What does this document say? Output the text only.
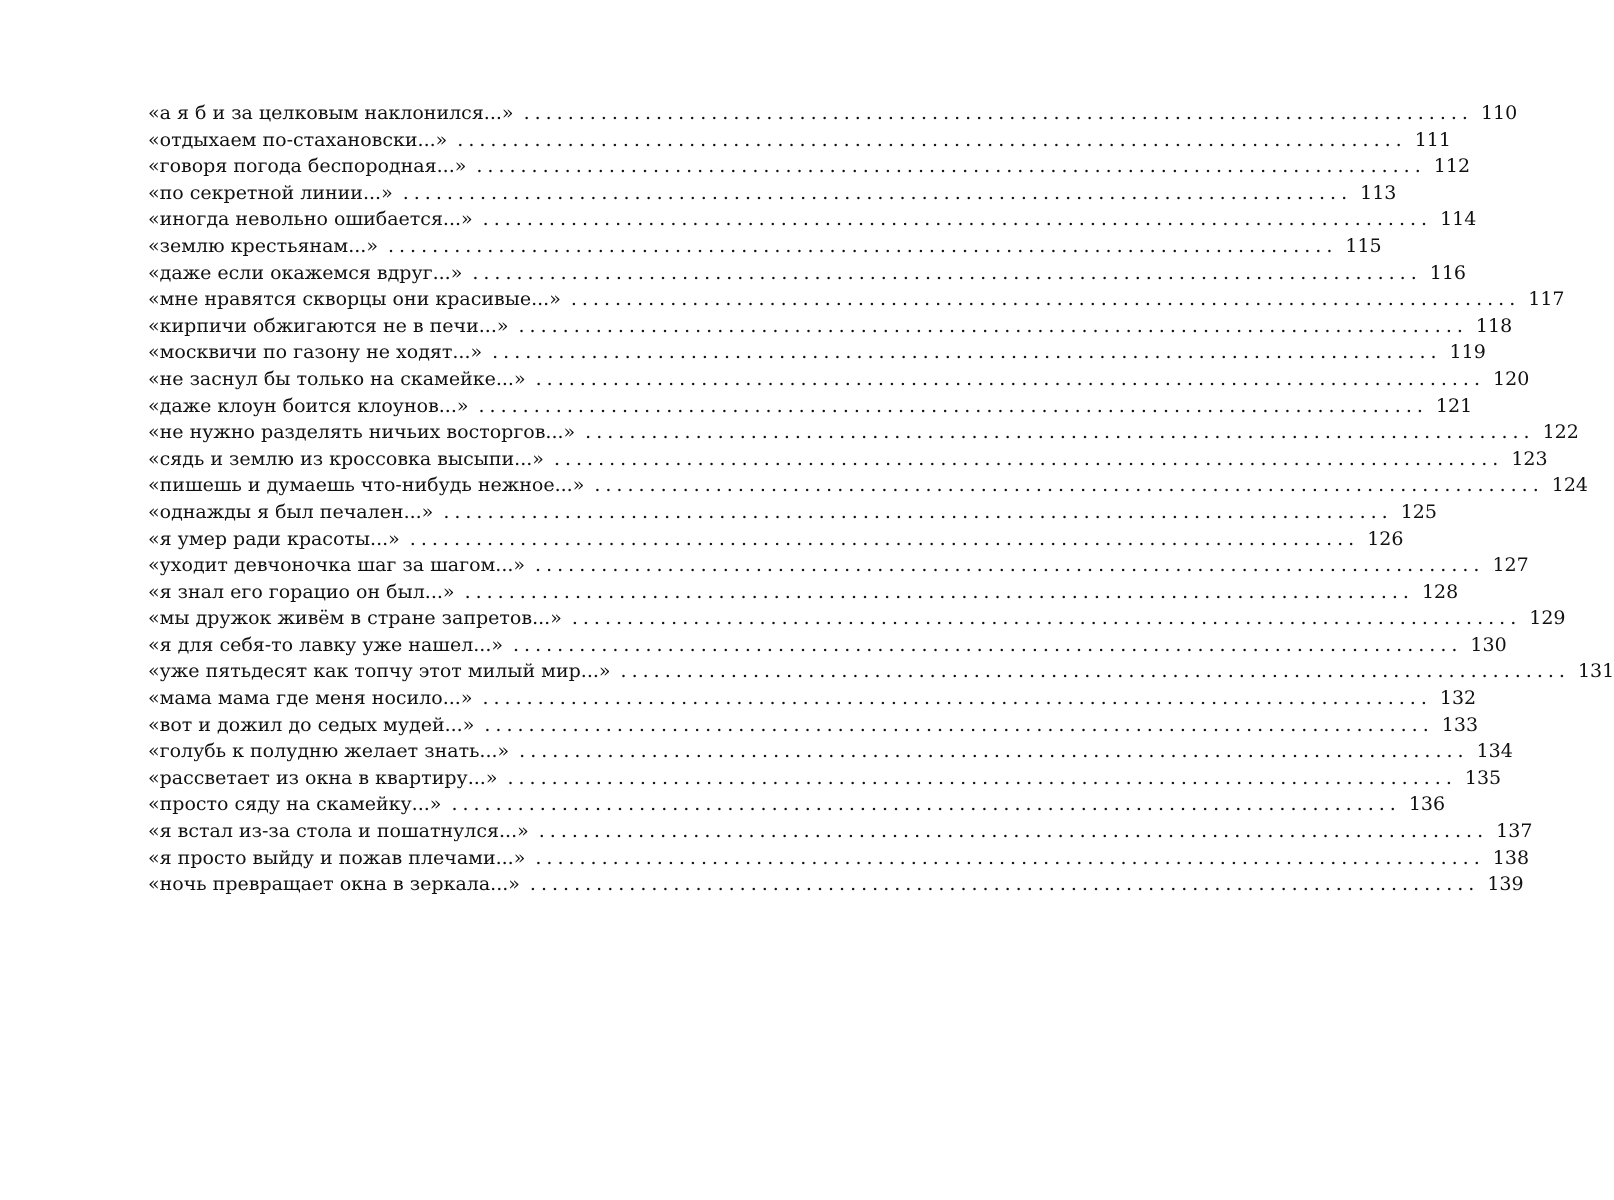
«а я б и за целковым наклонился...» ...................................................................................... 110
«отдыхаем по-стахановски...» ...................................................................................... 111
«говоря погода беспородная...» ...................................................................................... 112
«по секретной линии...» ...................................................................................... 113
«иногда невольно ошибается...» ...................................................................................... 114
«землю крестьянам...» ...................................................................................... 115
«даже если окажемся вдруг...» ...................................................................................... 116
«мне нравятся скворцы они красивые...» ...................................................................................... 117
«кирпичи обжигаются не в печи...» ...................................................................................... 118
«москвичи по газону не ходят...» ...................................................................................... 119
«не заснул бы только на скамейке...» ...................................................................................... 120
«даже клоун боится клоунов...» ...................................................................................... 121
«не нужно разделять ничьих восторгов...» ...................................................................................... 122
«сядь и землю из кроссовка высыпи...» ...................................................................................... 123
«пишешь и думаешь что-нибудь нежное...» ...................................................................................... 124
«однажды я был печален...» ...................................................................................... 125
«я умер ради красоты...» ...................................................................................... 126
«уходит девчоночка шаг за шагом...» ...................................................................................... 127
«я знал его горацио он был...» ...................................................................................... 128
«мы дружок живём в стране запретов...» ...................................................................................... 129
«я для себя-то лавку уже нашел...» ...................................................................................... 130
«уже пятьдесят как топчу этот милый мир...» ...................................................................................... 131
«мама мама где меня носило...» ...................................................................................... 132
«вот и дожил до седых мудей...» ...................................................................................... 133
«голубь к полудню желает знать...» ...................................................................................... 134
«рассветает из окна в квартиру...» ...................................................................................... 135
«просто сяду на скамейку...» ...................................................................................... 136
«я встал из-за стола и пошатнулся...» ...................................................................................... 137
«я просто выйду и пожав плечами...» ...................................................................................... 138
«ночь превращает окна в зеркала...» ...................................................................................... 139
